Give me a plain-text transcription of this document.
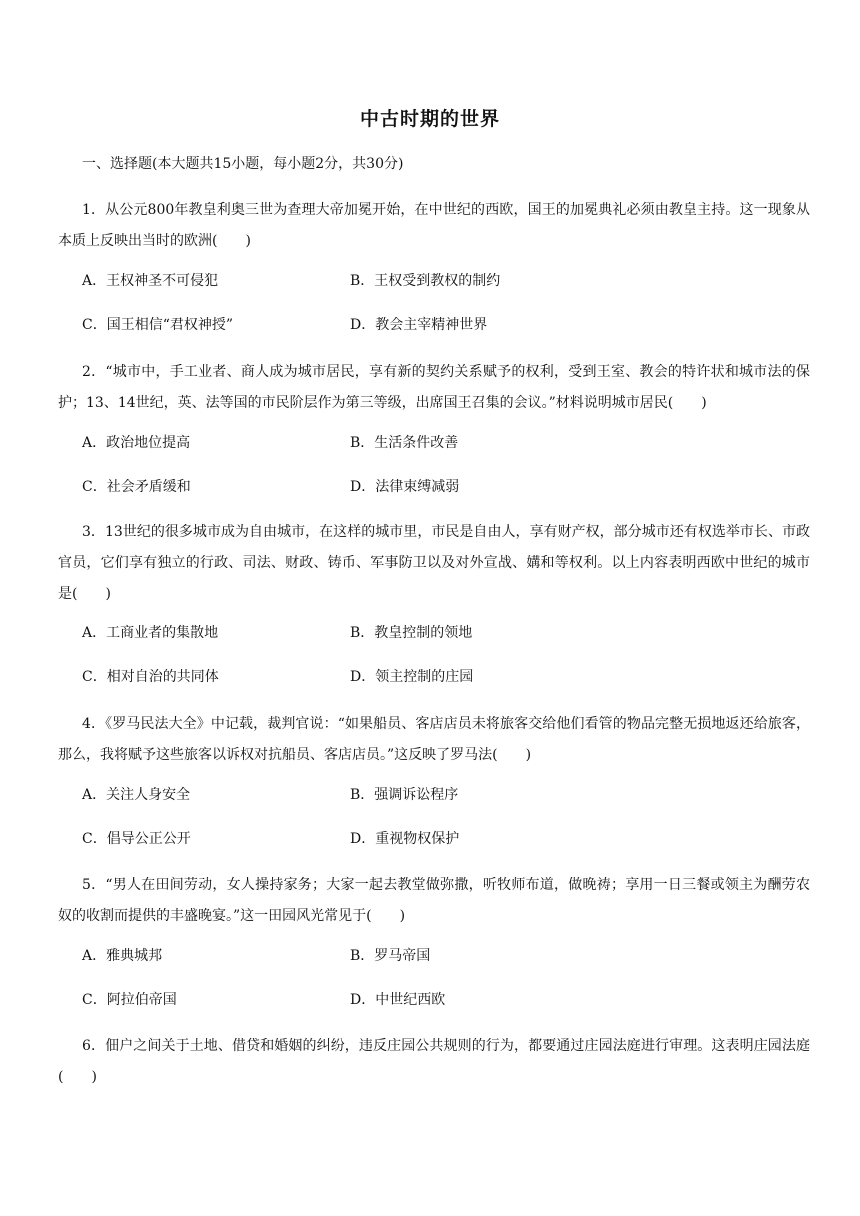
中古时期的世界
一、选择题(本大题共15小题，每小题2分，共30分)
1．从公元800年教皇利奥三世为查理大帝加冕开始，在中世纪的西欧，国王的加冕典礼必须由教皇主持。这一现象从本质上反映出当时的欧洲(　　)
A．王权神圣不可侵犯	B．王权受到教权的制约
C．国王相信“君权神授”	D．教会主宰精神世界
2．“城市中，手工业者、商人成为城市居民，享有新的契约关系赋予的权利，受到王室、教会的特许状和城市法的保护；13、14世纪，英、法等国的市民阶层作为第三等级，出席国王召集的会议。”材料说明城市居民(　　)
A．政治地位提高	B．生活条件改善
C．社会矛盾缓和	D．法律束缚减弱
3．13世纪的很多城市成为自由城市，在这样的城市里，市民是自由人，享有财产权，部分城市还有权选举市长、市政官员，它们享有独立的行政、司法、财政、铸币、军事防卫以及对外宣战、媾和等权利。以上内容表明西欧中世纪的城市是(　　)
A．工商业者的集散地	B．教皇控制的领地
C．相对自治的共同体	D．领主控制的庄园
4．《罗马民法大全》中记载，裁判官说：“如果船员、客店店员未将旅客交给他们看管的物品完整无损地返还给旅客，那么，我将赋予这些旅客以诉权对抗船员、客店店员。”这反映了罗马法(　　)
A．关注人身安全	B．强调诉讼程序
C．倡导公正公开	D．重视物权保护
5．“男人在田间劳动，女人操持家务；大家一起去教堂做弥撒，听牧师布道，做晚祷；享用一日三餐或领主为酬劳农奴的收割而提供的丰盛晚宴。”这一田园风光常见于(　　)
A．雅典城邦	B．罗马帝国
C．阿拉伯帝国	D．中世纪西欧
6．佃户之间关于土地、借贷和婚姻的纠纷，违反庄园公共规则的行为，都要通过庄园法庭进行审理。这表明庄园法庭(　　)
